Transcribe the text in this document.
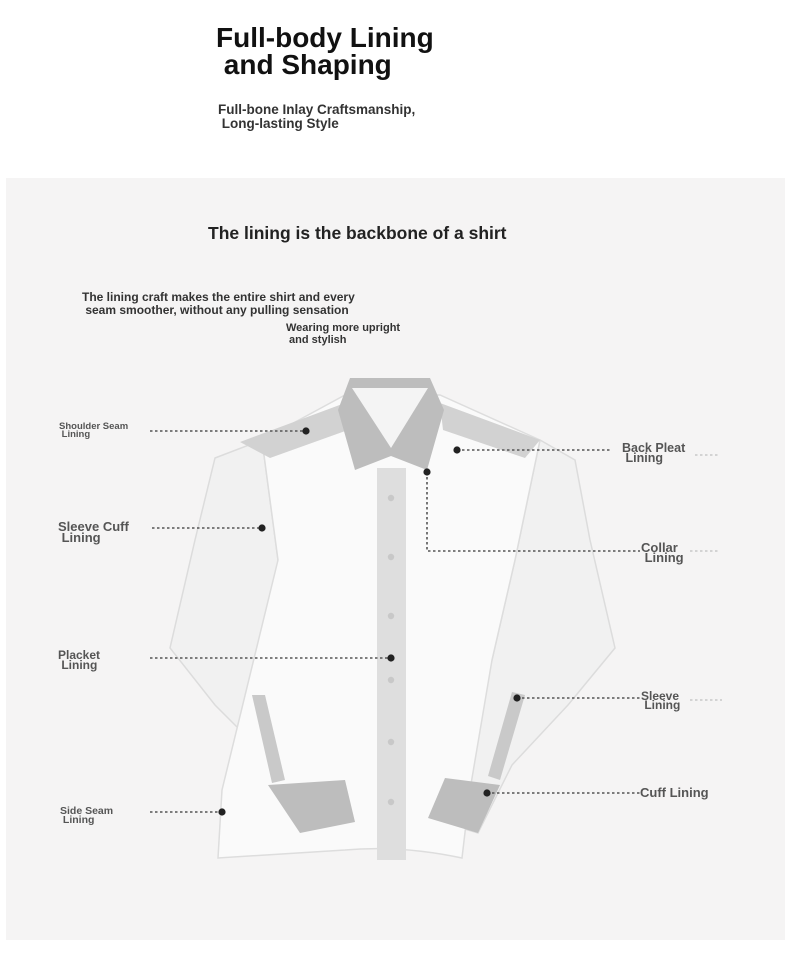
Full-body Lining
and Shaping
Full-bone Inlay Craftsmanship,
Long-lasting Style
The lining is the backbone of a shirt
The lining craft makes the entire shirt and every
seam smoother, without any pulling sensation
Wearing more upright
and stylish
Shoulder Seam
Lining
Sleeve Cuff
Lining
Placket
Lining
Side Seam
Lining
Back Pleat
Lining
Collar
Lining
Sleeve
Lining
Cuff Lining
